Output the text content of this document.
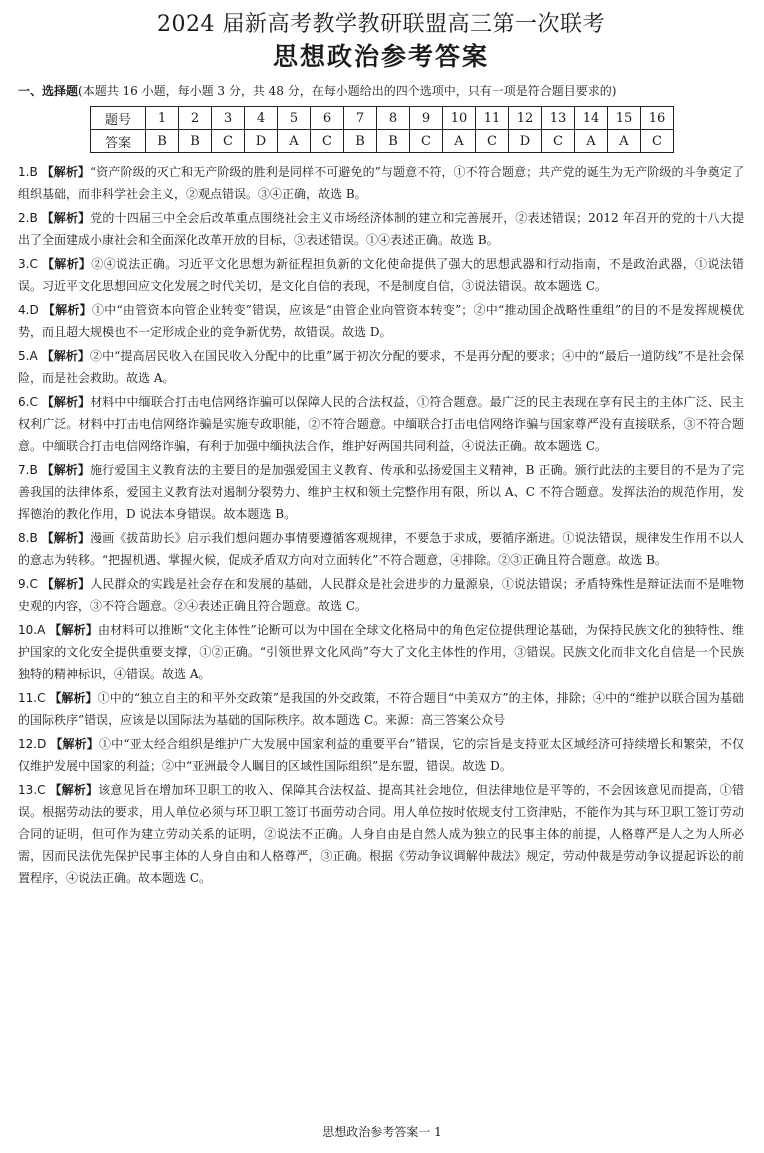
2024 届新高考教学教研联盟高三第一次联考
思想政治参考答案
一、选择题(本题共 16 小题，每小题 3 分，共 48 分，在每小题给出的四个选项中，只有一项是符合题目要求的)
题号	1	2	3	4	5	6	7	8	9	10	11	12	13	14	15	16
答案	B	B	C	D	A	C	B	B	C	A	C	D	C	A	A	C

1.B 【解析】“资产阶级的灭亡和无产阶级的胜利是同样不可避免的”与题意不符，①不符合题意；共产党的诞生为无产阶级的斗争奠定了组织基础，而非科学社会主义，②观点错误。③④正确，故选 B。

2.B 【解析】党的十四届三中全会后改革重点围绕社会主义市场经济体制的建立和完善展开，②表述错误；2012 年召开的党的十八大提出了全面建成小康社会和全面深化改革开放的目标，③表述错误。①④表述正确。故选 B。

3.C 【解析】②④说法正确。习近平文化思想为新征程担负新的文化使命提供了强大的思想武器和行动指南，不是政治武器，①说法错误。习近平文化思想回应文化发展之时代关切，是文化自信的表现，不是制度自信，③说法错误。故本题选 C。

4.D 【解析】①中“由管资本向管企业转变”错误，应该是“由管企业向管资本转变”；②中“推动国企战略性重组”的目的不是发挥规模优势，而且超大规模也不一定形成企业的竞争新优势，故错误。故选 D。

5.A 【解析】②中“提高居民收入在国民收入分配中的比重”属于初次分配的要求，不是再分配的要求；④中的“最后一道防线”不是社会保险，而是社会救助。故选 A。

6.C 【解析】材料中中缅联合打击电信网络诈骗可以保障人民的合法权益，①符合题意。最广泛的民主表现在享有民主的主体广泛、民主权利广泛。材料中打击电信网络诈骗是实施专政职能，②不符合题意。中缅联合打击电信网络诈骗与国家尊严没有直接联系，③不符合题意。中缅联合打击电信网络诈骗，有利于加强中缅执法合作，维护好两国共同利益，④说法正确。故本题选 C。

7.B 【解析】施行爱国主义教育法的主要目的是加强爱国主义教育、传承和弘扬爱国主义精神，B 正确。颁行此法的主要目的不是为了完善我国的法律体系，爱国主义教育法对遏制分裂势力、维护主权和领土完整作用有限，所以 A、C 不符合题意。发挥法治的规范作用，发挥德治的教化作用，D 说法本身错误。故本题选 B。

8.B 【解析】漫画《拔苗助长》启示我们想问题办事情要遵循客观规律，不要急于求成，要循序渐进。①说法错误，规律发生作用不以人的意志为转移。“把握机遇、掌握火候，促成矛盾双方向对立面转化”不符合题意，④排除。②③正确且符合题意。故选 B。

9.C 【解析】人民群众的实践是社会存在和发展的基础，人民群众是社会进步的力量源泉，①说法错误；矛盾特殊性是辩证法而不是唯物史观的内容，③不符合题意。②④表述正确且符合题意。故选 C。

10.A 【解析】由材料可以推断“文化主体性”论断可以为中国在全球文化格局中的角色定位提供理论基础，为保持民族文化的独特性、维护国家的文化安全提供重要支撑，①②正确。“引领世界文化风尚”夸大了文化主体性的作用，③错误。民族文化而非文化自信是一个民族独特的精神标识，④错误。故选 A。

11.C 【解析】①中的“独立自主的和平外交政策”是我国的外交政策，不符合题目“中美双方”的主体，排除；④中的“维护以联合国为基础的国际秩序”错误，应该是以国际法为基础的国际秩序。故本题选 C。来源：高三答案公众号

12.D 【解析】①中“亚太经合组织是维护广大发展中国家利益的重要平台”错误，它的宗旨是支持亚太区域经济可持续增长和繁荣，不仅仅维护发展中国家的利益；②中“亚洲最令人瞩目的区域性国际组织”是东盟，错误。故选 D。

13.C 【解析】该意见旨在增加环卫职工的收入、保障其合法权益、提高其社会地位，但法律地位是平等的，不会因该意见而提高，①错误。根据劳动法的要求，用人单位必须与环卫职工签订书面劳动合同。用人单位按时依规支付工资津贴，不能作为其与环卫职工签订劳动合同的证明，但可作为建立劳动关系的证明，②说法不正确。人身自由是自然人成为独立的民事主体的前提，人格尊严是人之为人所必需，因而民法优先保护民事主体的人身自由和人格尊严，③正确。根据《劳动争议调解仲裁法》规定，劳动仲裁是劳动争议提起诉讼的前置程序，④说法正确。故本题选 C。

思想政治参考答案一 1
